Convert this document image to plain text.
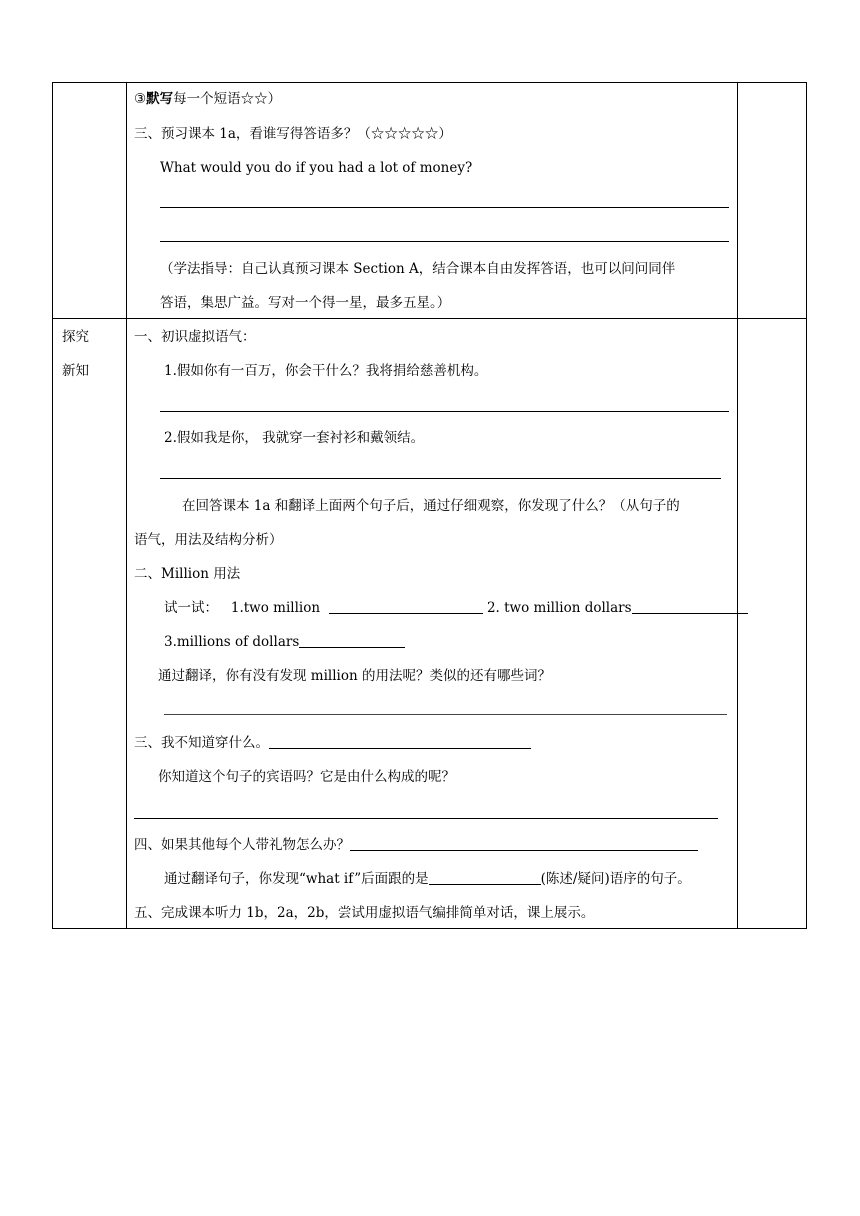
③默写每一个短语☆☆）
三、预习课本 1a，看谁写得答语多？（☆☆☆☆☆）
What would you do if you had a lot of money?
（学法指导：自己认真预习课本 Section A，结合课本自由发挥答语，也可以问问同伴
答语，集思广益。写对一个得一星，最多五星。）
探究
新知
一、初识虚拟语气：
1.假如你有一百万，你会干什么？我将捐给慈善机构。
2.假如我是你， 我就穿一套衬衫和戴领结。
在回答课本 1a 和翻译上面两个句子后，通过仔细观察，你发现了什么？（从句子的
语气，用法及结构分析）
二、Million 用法
试一试： 1.two million	2. two million dollars
3.millions of dollars
通过翻译，你有没有发现 million 的用法呢？类似的还有哪些词？
三、我不知道穿什么。
你知道这个句子的宾语吗？它是由什么构成的呢？
四、如果其他每个人带礼物怎么办？
通过翻译句子，你发现“what if”后面跟的是	(陈述/疑问)语序的句子。
五、完成课本听力 1b，2a，2b，尝试用虚拟语气编排简单对话，课上展示。
